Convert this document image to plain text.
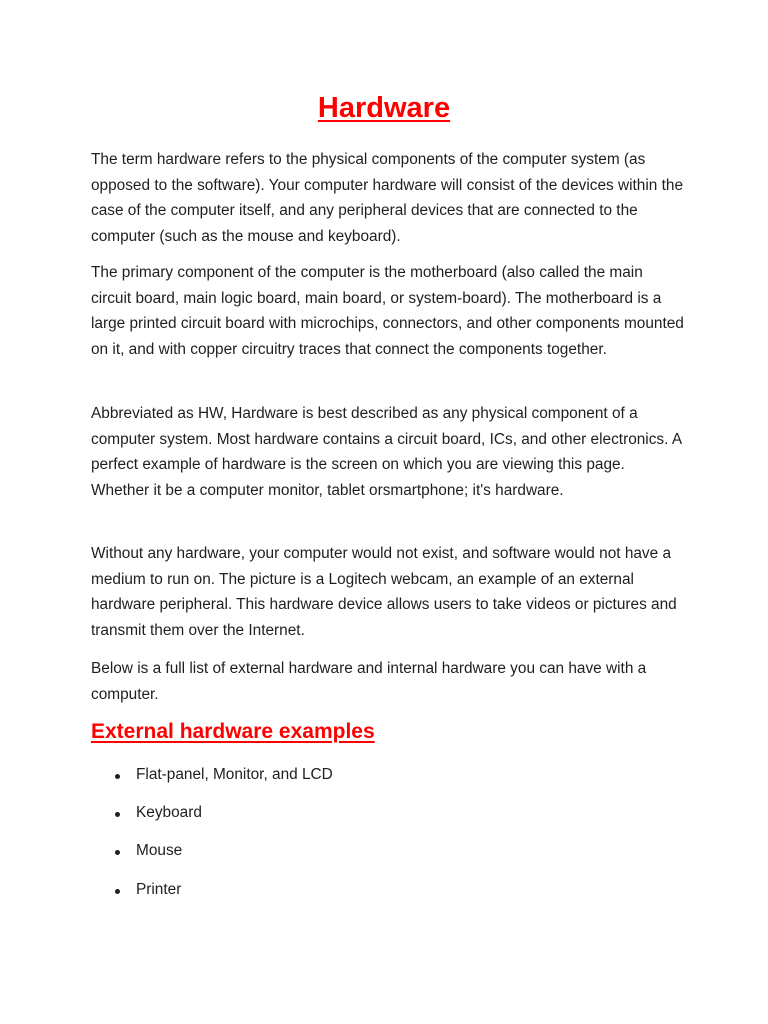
Hardware

The term hardware refers to the physical components of the computer system (as opposed to the software). Your computer hardware will consist of the devices within the case of the computer itself, and any peripheral devices that are connected to the computer (such as the mouse and keyboard).

The primary component of the computer is the motherboard (also called the main circuit board, main logic board, main board, or system-board). The motherboard is a large printed circuit board with microchips, connectors, and other components mounted on it, and with copper circuitry traces that connect the components together.

Abbreviated as HW, Hardware is best described as any physical component of a computer system. Most hardware contains a circuit board, ICs, and other electronics. A perfect example of hardware is the screen on which you are viewing this page. Whether it be a computer monitor, tablet orsmartphone; it's hardware.

Without any hardware, your computer would not exist, and software would not have a medium to run on. The picture is a Logitech webcam, an example of an external hardware peripheral. This hardware device allows users to take videos or pictures and transmit them over the Internet.

Below is a full list of external hardware and internal hardware you can have with a computer.

External hardware examples
Flat-panel, Monitor, and LCD
Keyboard
Mouse
Printer
